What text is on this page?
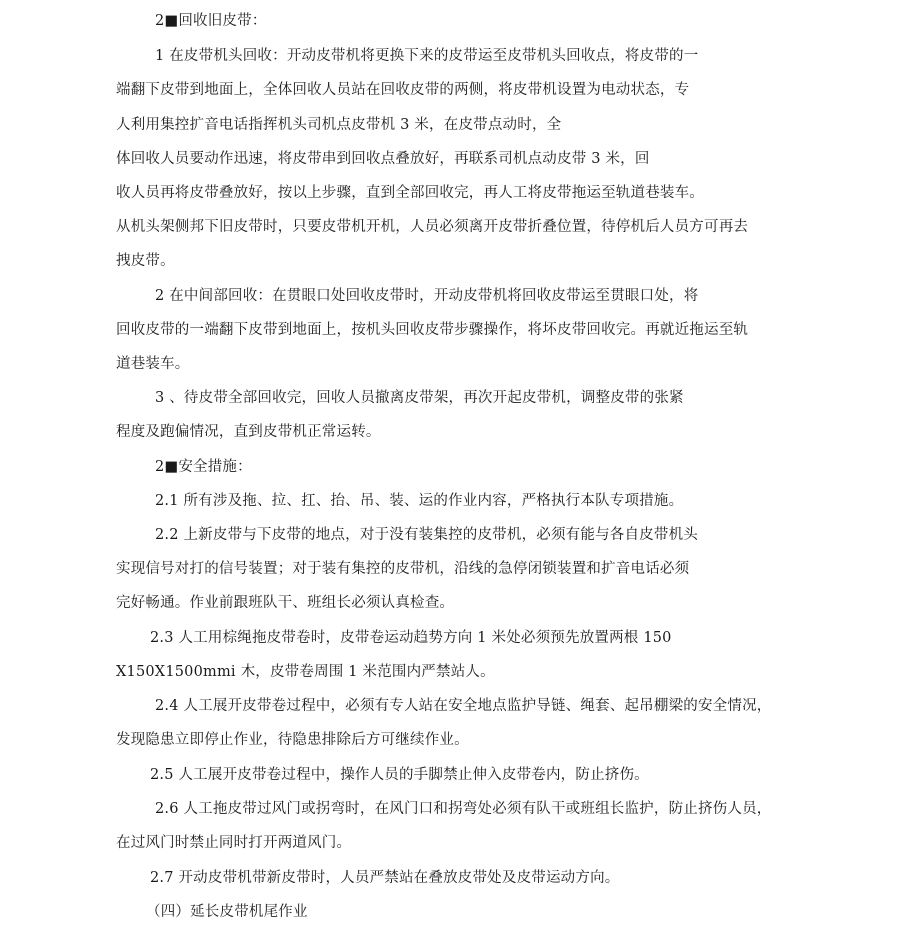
2■回收旧皮带：
1 在皮带机头回收：开动皮带机将更换下来的皮带运至皮带机头回收点，将皮带的一
端翻下皮带到地面上，全体回收人员站在回收皮带的两侧，将皮带机设置为电动状态，专
人利用集控扩音电话指挥机头司机点皮带机 3 米，在皮带点动时，全
体回收人员要动作迅速，将皮带串到回收点叠放好，再联系司机点动皮带 3 米，回
收人员再将皮带叠放好，按以上步骤，直到全部回收完，再人工将皮带拖运至轨道巷装车。
从机头架侧邦下旧皮带时，只要皮带机开机，人员必须离开皮带折叠位置，待停机后人员方可再去
拽皮带。
2 在中间部回收：在贯眼口处回收皮带时，开动皮带机将回收皮带运至贯眼口处，将
回收皮带的一端翻下皮带到地面上，按机头回收皮带步骤操作，将坏皮带回收完。再就近拖运至轨
道巷装车。
3 、待皮带全部回收完，回收人员撤离皮带架，再次开起皮带机，调整皮带的张紧
程度及跑偏情况，直到皮带机正常运转。
2■安全措施：
2.1 所有涉及拖、拉、扛、抬、吊、装、运的作业内容，严格执行本队专项措施。
2.2 上新皮带与下皮带的地点，对于没有装集控的皮带机，必须有能与各自皮带机头
实现信号对打的信号装置；对于装有集控的皮带机，沿线的急停闭锁装置和扩音电话必须
完好畅通。作业前跟班队干、班组长必须认真检查。
2.3 人工用棕绳拖皮带卷时，皮带卷运动趋势方向 1 米处必须预先放置两根 150
X150X1500mmi 木，皮带卷周围 1 米范围内严禁站人。
2.4 人工展开皮带卷过程中，必须有专人站在安全地点监护导链、绳套、起吊棚梁的安全情况，
发现隐患立即停止作业，待隐患排除后方可继续作业。
2.5 人工展开皮带卷过程中，操作人员的手脚禁止伸入皮带卷内，防止挤伤。
2.6 人工拖皮带过风门或拐弯时，在风门口和拐弯处必须有队干或班组长监护，防止挤伤人员，
在过风门时禁止同时打开两道风门。
2.7 开动皮带机带新皮带时，人员严禁站在叠放皮带处及皮带运动方向。
（四）延长皮带机尾作业
